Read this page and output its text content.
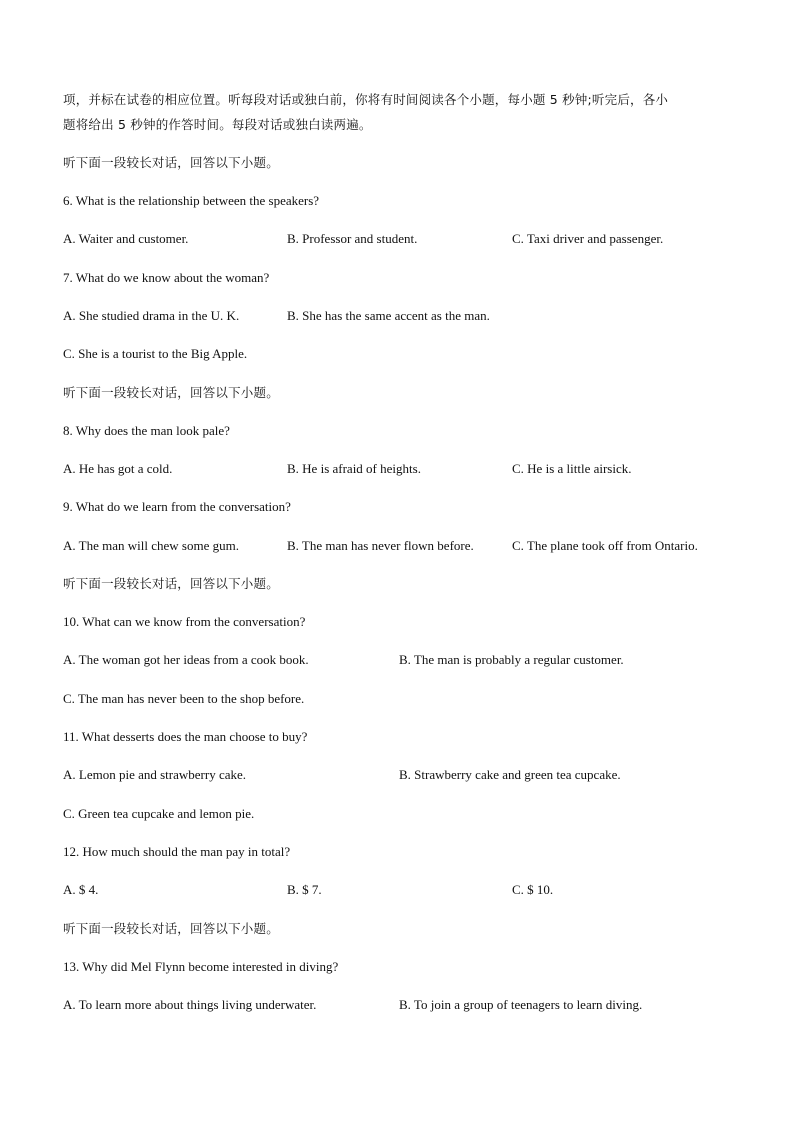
项，并标在试卷的相应位置。听每段对话或独白前，你将有时间阅读各个小题，每小题 5 秒钟;听完后，各小
题将给出 5 秒钟的作答时间。每段对话或独白读两遍。
听下面一段较长对话，回答以下小题。
6. What is the relationship between the speakers?
A. Waiter and customer.	B. Professor and student.	C. Taxi driver and passenger.
7. What do we know about the woman?
A. She studied drama in the U. K.	B. She has the same accent as the man.
C. She is a tourist to the Big Apple.
听下面一段较长对话，回答以下小题。
8. Why does the man look pale?
A. He has got a cold.	B. He is afraid of heights.	C. He is a little airsick.
9. What do we learn from the conversation?
A. The man will chew some gum.	B. The man has never flown before.	C. The plane took off from Ontario.
听下面一段较长对话，回答以下小题。
10. What can we know from the conversation?
A. The woman got her ideas from a cook book.	B. The man is probably a regular customer.
C. The man has never been to the shop before.
11. What desserts does the man choose to buy?
A. Lemon pie and strawberry cake.	B. Strawberry cake and green tea cupcake.
C. Green tea cupcake and lemon pie.
12. How much should the man pay in total?
A. $ 4.	B. $ 7.	C. $ 10.
听下面一段较长对话，回答以下小题。
13. Why did Mel Flynn become interested in diving?
A. To learn more about things living underwater.	B. To join a group of teenagers to learn diving.
